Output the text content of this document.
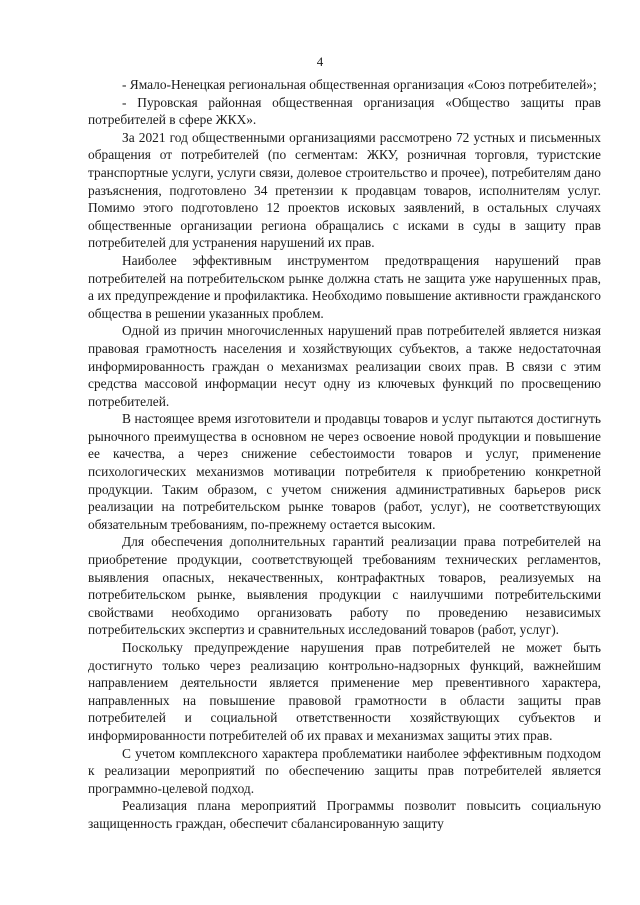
4

- Ямало-Ненецкая региональная общественная организация «Союз потребителей»;

- Пуровская районная общественная организация «Общество защиты прав потребителей в сфере ЖКХ».

За 2021 год общественными организациями рассмотрено 72 устных и письменных обращения от потребителей (по сегментам: ЖКУ, розничная торговля, туристские транспортные услуги, услуги связи, долевое строительство и прочее), потребителям дано разъяснения, подготовлено 34 претензии к продавцам товаров, исполнителям услуг. Помимо этого подготовлено 12 проектов исковых заявлений, в остальных случаях общественные организации региона обращались с исками в суды в защиту прав потребителей для устранения нарушений их прав.

Наиболее эффективным инструментом предотвращения нарушений прав потребителей на потребительском рынке должна стать не защита уже нарушенных прав, а их предупреждение и профилактика. Необходимо повышение активности гражданского общества в решении указанных проблем.

Одной из причин многочисленных нарушений прав потребителей является низкая правовая грамотность населения и хозяйствующих субъектов, а также недостаточная информированность граждан о механизмах реализации своих прав. В связи с этим средства массовой информации несут одну из ключевых функций по просвещению потребителей.

В настоящее время изготовители и продавцы товаров и услуг пытаются достигнуть рыночного преимущества в основном не через освоение новой продукции и повышение ее качества, а через снижение себестоимости товаров и услуг, применение психологических механизмов мотивации потребителя к приобретению конкретной продукции. Таким образом, с учетом снижения административных барьеров риск реализации на потребительском рынке товаров (работ, услуг), не соответствующих обязательным требованиям, по-прежнему остается высоким.

Для обеспечения дополнительных гарантий реализации права потребителей на приобретение продукции, соответствующей требованиям технических регламентов, выявления опасных, некачественных, контрафактных товаров, реализуемых на потребительском рынке, выявления продукции с наилучшими потребительскими свойствами необходимо организовать работу по проведению независимых потребительских экспертиз и сравнительных исследований товаров (работ, услуг).

Поскольку предупреждение нарушения прав потребителей не может быть достигнуто только через реализацию контрольно-надзорных функций, важнейшим направлением деятельности является применение мер превентивного характера, направленных на повышение правовой грамотности в области защиты прав потребителей и социальной ответственности хозяйствующих субъектов и информированности потребителей об их правах и механизмах защиты этих прав.

С учетом комплексного характера проблематики наиболее эффективным подходом к реализации мероприятий по обеспечению защиты прав потребителей является программно-целевой подход.

Реализация плана мероприятий Программы позволит повысить социальную защищенность граждан, обеспечит сбалансированную защиту
